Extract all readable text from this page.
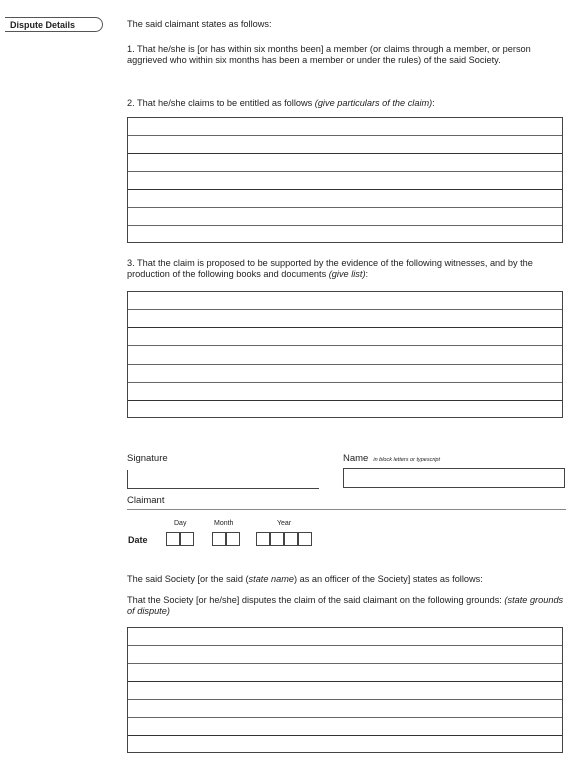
Dispute Details	The said claimant states as follows:
1. That he/she is [or has within six months been] a member (or claims through a member, or person aggrieved who within six months has been a member or under the rules) of the said Society.
2. That he/she claims to be entitled as follows (give particulars of the claim):
3. That the claim is proposed to be supported by the evidence of the following witnesses, and by the production of the following books and documents (give list):
Signature	Name in block letters or typescript
Claimant
Day	Month	Year
Date
The said Society [or the said (state name) as an officer of the Society] states as follows:
That the Society [or he/she] disputes the claim of the said claimant on the following grounds: (state grounds of dispute)
